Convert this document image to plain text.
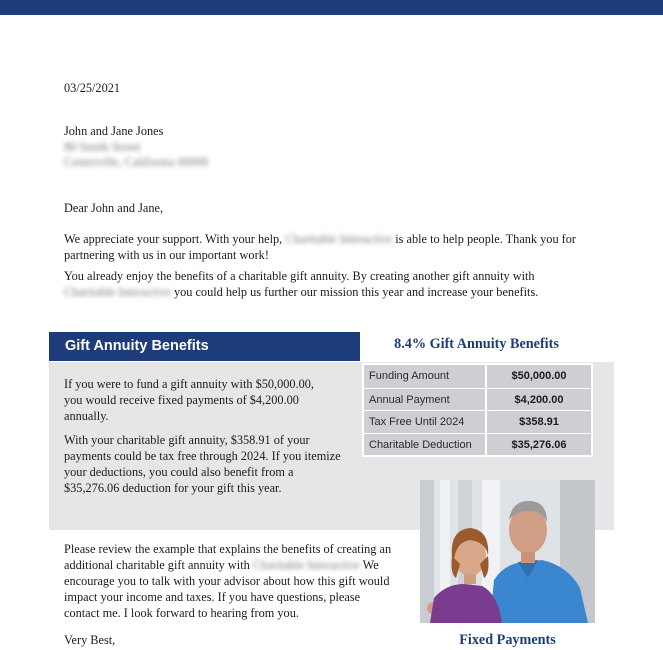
03/25/2021
John and Jane Jones
80 Smith Street
Centerville, California 00000
Dear John and Jane,
We appreciate your support. With your help, Charitable Interactive is able to help people. Thank you for partnering with us in our important work!
You already enjoy the benefits of a charitable gift annuity. By creating another gift annuity with Charitable Interactive you could help us further our mission this year and increase your benefits.
Gift Annuity Benefits
If you were to fund a gift annuity with $50,000.00, you would receive fixed payments of $4,200.00 annually.
With your charitable gift annuity, $358.91 of your payments could be tax free through 2024. If you itemize your deductions, you could also benefit from a $35,276.06 deduction for your gift this year.
8.4% Gift Annuity Benefits
Funding Amount	$50,000.00
Annual Payment	$4,200.00
Tax Free Until 2024	$358.91
Charitable Deduction	$35,276.06
Fixed Payments
Please review the example that explains the benefits of creating an additional charitable gift annuity with Charitable Interactive We encourage you to talk with your advisor about how this gift would impact your income and taxes. If you have questions, please contact me. I look forward to hearing from you.
Very Best,
